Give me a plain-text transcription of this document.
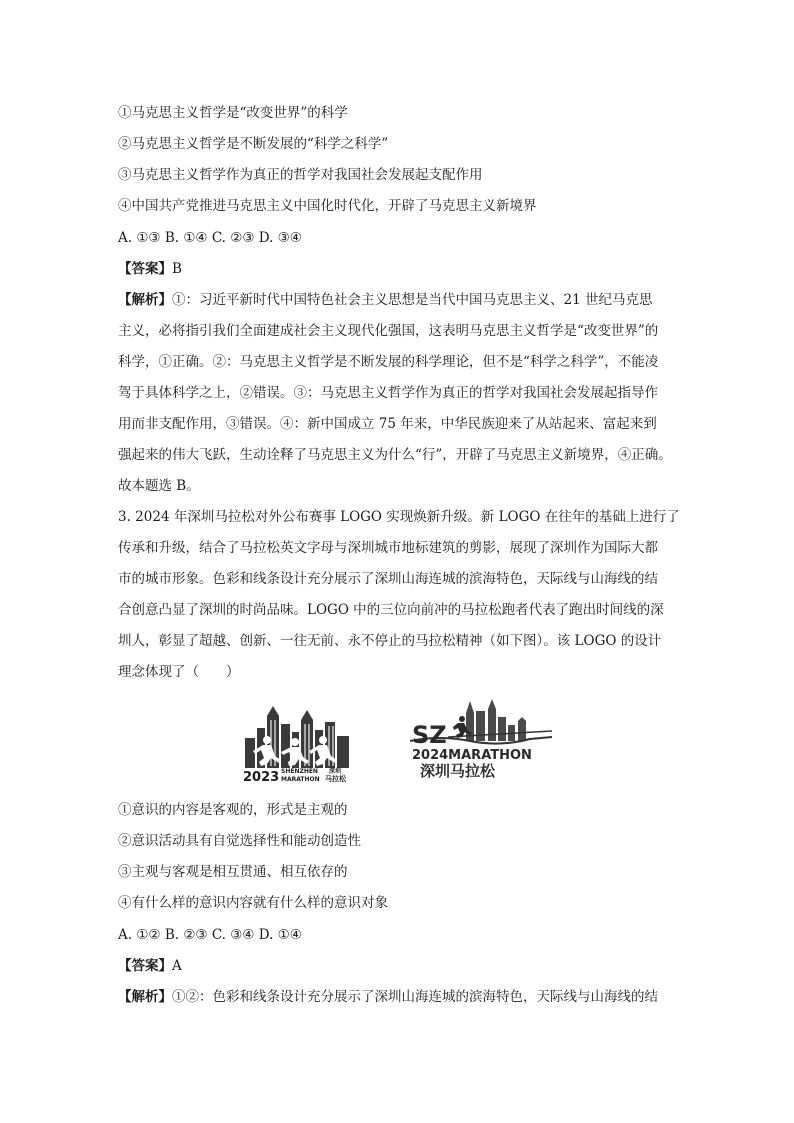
①马克思主义哲学是“改变世界”的科学
②马克思主义哲学是不断发展的“科学之科学”
③马克思主义哲学作为真正的哲学对我国社会发展起支配作用
④中国共产党推进马克思主义中国化时代化，开辟了马克思主义新境界
A. ①③ B. ①④ C. ②③ D. ③④
【答案】B
【解析】①：习近平新时代中国特色社会主义思想是当代中国马克思主义、21 世纪马克思
主义，必将指引我们全面建成社会主义现代化强国，这表明马克思主义哲学是“改变世界”的
科学，①正确。②：马克思主义哲学是不断发展的科学理论，但不是“科学之科学”，不能凌
驾于具体科学之上，②错误。③：马克思主义哲学作为真正的哲学对我国社会发展起指导作
用而非支配作用，③错误。④：新中国成立 75 年来，中华民族迎来了从站起来、富起来到
强起来的伟大飞跃，生动诠释了马克思主义为什么“行”，开辟了马克思主义新境界，④正确。
故本题选 B。
3. 2024 年深圳马拉松对外公布赛事 LOGO 实现焕新升级。新 LOGO 在往年的基础上进行了
传承和升级，结合了马拉松英文字母与深圳城市地标建筑的剪影，展现了深圳作为国际大都
市的城市形象。色彩和线条设计充分展示了深圳山海连城的滨海特色，天际线与山海线的结
合创意凸显了深圳的时尚品味。LOGO 中的三位向前冲的马拉松跑者代表了跑出时间线的深
圳人，彰显了超越、创新、一往无前、永不停止的马拉松精神（如下图）。该 LOGO 的设计
理念体现了（　　）
2023 SHENZHEN
MARATHON
深圳
马拉松
SZ
2024MARATHON
深圳马拉松
①意识的内容是客观的，形式是主观的
②意识活动具有自觉选择性和能动创造性
③主观与客观是相互贯通、相互依存的
④有什么样的意识内容就有什么样的意识对象
A. ①② B. ②③ C. ③④ D. ①④
【答案】A
【解析】①②：色彩和线条设计充分展示了深圳山海连城的滨海特色，天际线与山海线的结
